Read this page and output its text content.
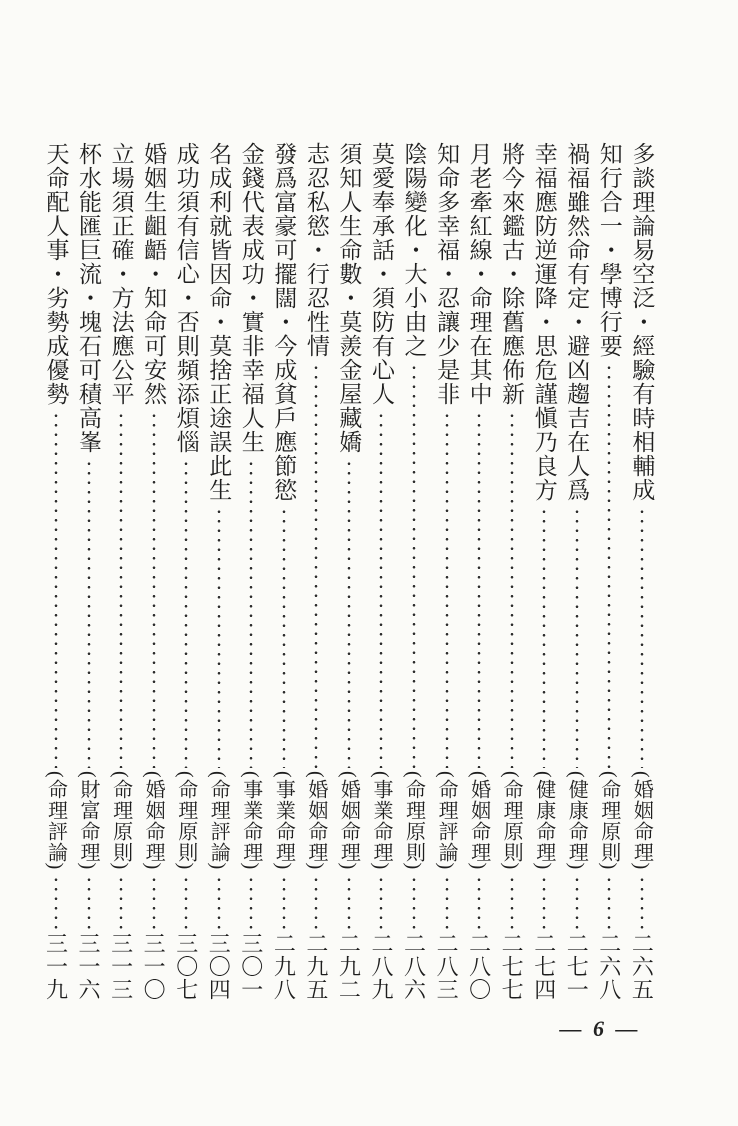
多談理論易空泛・經驗有時相輔成
(婚姻命理)
二六五
知行合一・學博行要
(命理原則)
二六八
禍福雖然命有定・避凶趨吉在人爲
(健康命理)
二七一
幸福應防逆運降・思危謹愼乃良方
(健康命理)
二七四
將今來鑑古・除舊應佈新
(命理原則)
二七七
月老牽紅線・命理在其中
(婚姻命理)
二八〇
知命多幸福・忍讓少是非
(命理評論)
二八三
陰陽變化・大小由之
(命理原則)
二八六
莫愛奉承話・須防有心人
(事業命理)
二八九
須知人生命數・莫羨金屋藏嬌
(婚姻命理)
二九二
志忍私慾・行忍性情
(婚姻命理)
二九五
發爲富豪可擺闊・今成貧戶應節慾
(事業命理)
二九八
金錢代表成功・實非幸福人生
(事業命理)
三〇一
名成利就皆因命・莫捨正途誤此生
(命理評論)
三〇四
成功須有信心・否則頻添煩惱
(命理原則)
三〇七
婚姻生齟齬・知命可安然
(婚姻命理)
三一〇
立場須正確・方法應公平
(命理原則)
三一三
杯水能匯巨流・塊石可積高峯
(財富命理)
三一六
天命配人事・劣勢成優勢
(命理評論)
三一九
— 6 —
